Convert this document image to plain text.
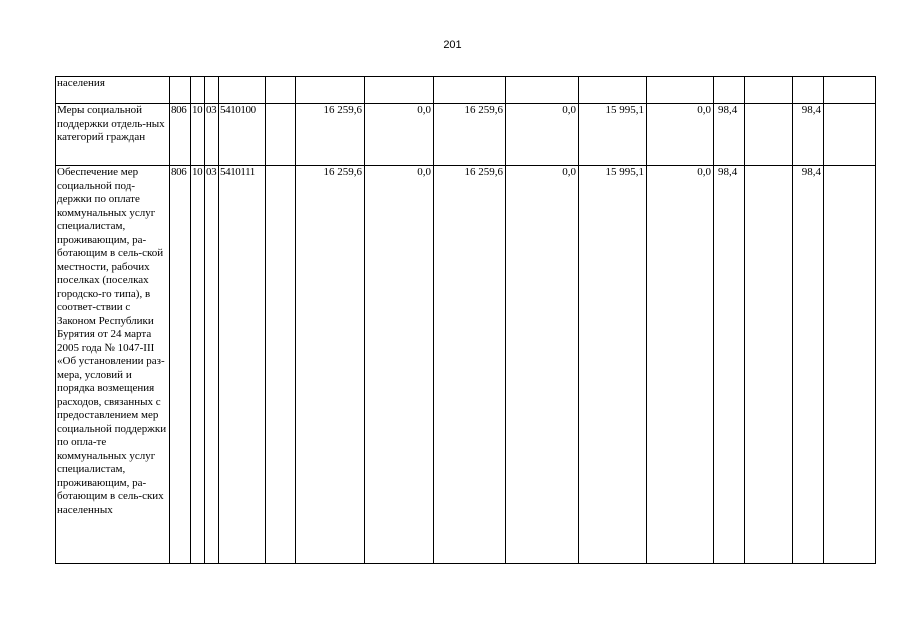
201
населения															
Меры социальной поддержки отдель-ных категорий граждан	806	10	03	5410100		16 259,6	0,0	16 259,6	0,0	15 995,1	0,0	98,4		98,4	
Обеспечение мер социальной под-держки по оплате коммунальных услуг специалистам, проживающим, ра-ботающим в сель-ской местности, рабочих поселках (поселках городско-го типа), в соответ-ствии с Законом Республики Бурятия от 24 марта 2005 года № 1047-III «Об установлении раз-мера, условий и порядка возмещения расходов, связанных с предоставлением мер социальной поддержки по опла-те коммунальных услуг специалистам, проживающим, ра-ботающим в сель-ских населенных	806	10	03	5410111		16 259,6	0,0	16 259,6	0,0	15 995,1	0,0	98,4		98,4	
